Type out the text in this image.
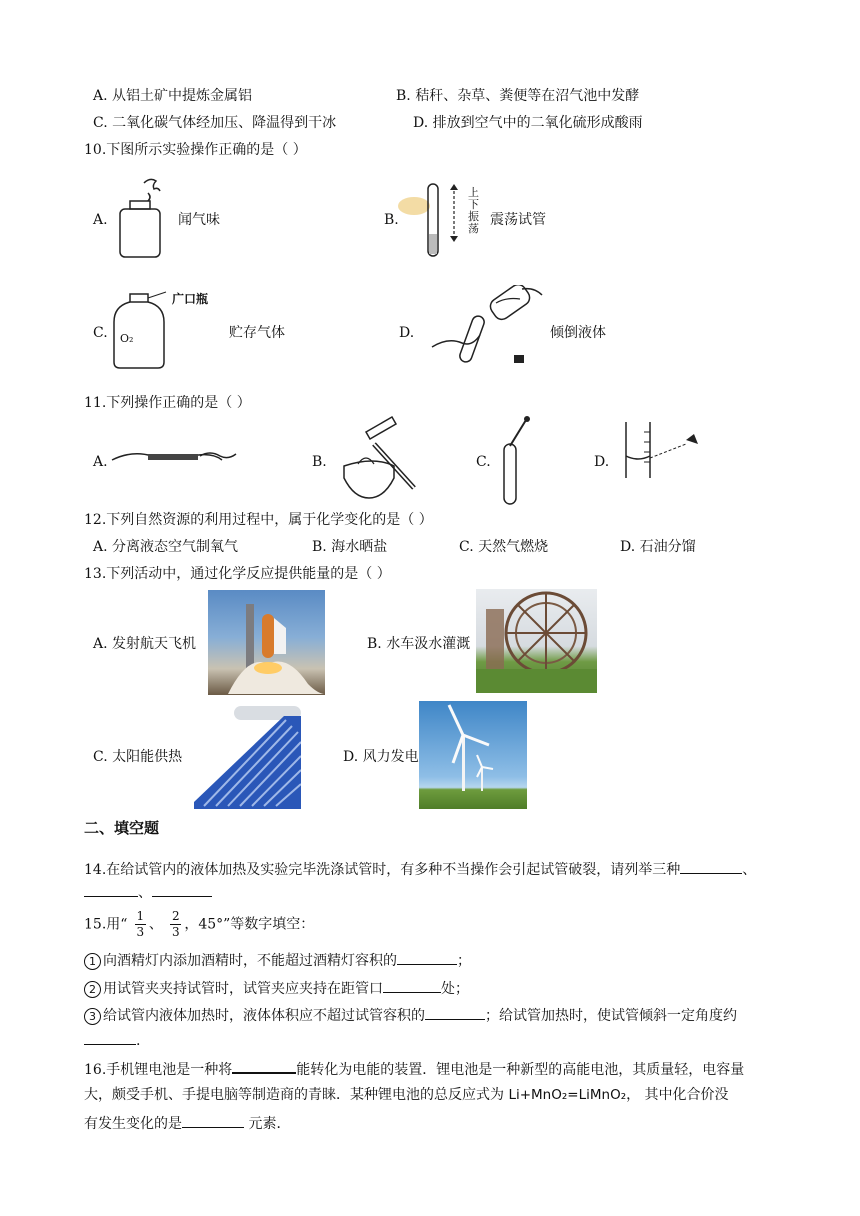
A. 从铝土矿中提炼金属铝	B. 秸秆、杂草、粪便等在沼气池中发酵
C. 二氧化碳气体经加压、降温得到干冰	D. 排放到空气中的二氧化硫形成酸雨
10.下图所示实验操作正确的是（ ）
A.	闻气味	B.
上下振荡
震荡试管
C. O₂
广口瓶
贮存气体	D.	倾倒液体
11.下列操作正确的是（ ）
A.	B.	C.	D.
12.下列自然资源的利用过程中，属于化学变化的是（ ）
A. 分离液态空气制氧气	B. 海水晒盐	C. 天然气燃烧	D. 石油分馏
13.下列活动中，通过化学反应提供能量的是（ ）
A. 发射航天飞机	B. 水车汲水灌溉
C. 太阳能供热	D. 风力发电
二、填空题
14.在给试管内的液体加热及实验完毕洗涤试管时，有多种不当操作会引起试管破裂，请列举三种	、
、
15.用“ $\frac{1}{3}$ 、 $\frac{2}{3}$ ，45°”等数字填空：
1 向酒精灯内添加酒精时，不能超过酒精灯容积的	；
2 用试管夹夹持试管时，试管夹应夹持在距管口	处；
3 给试管内液体加热时，液体体积应不超过试管容积的	；给试管加热时，使试管倾斜一定角度约
.
16.手机锂电池是一种将	能转化为电能的装置．锂电池是一种新型的高能电池，其质量轻，电容量
大，颇受手机、手提电脑等制造商的青睐．某种锂电池的总反应式为 Li+MnO₂=LiMnO₂， 其中化合价没
有发生变化的是	元素．
